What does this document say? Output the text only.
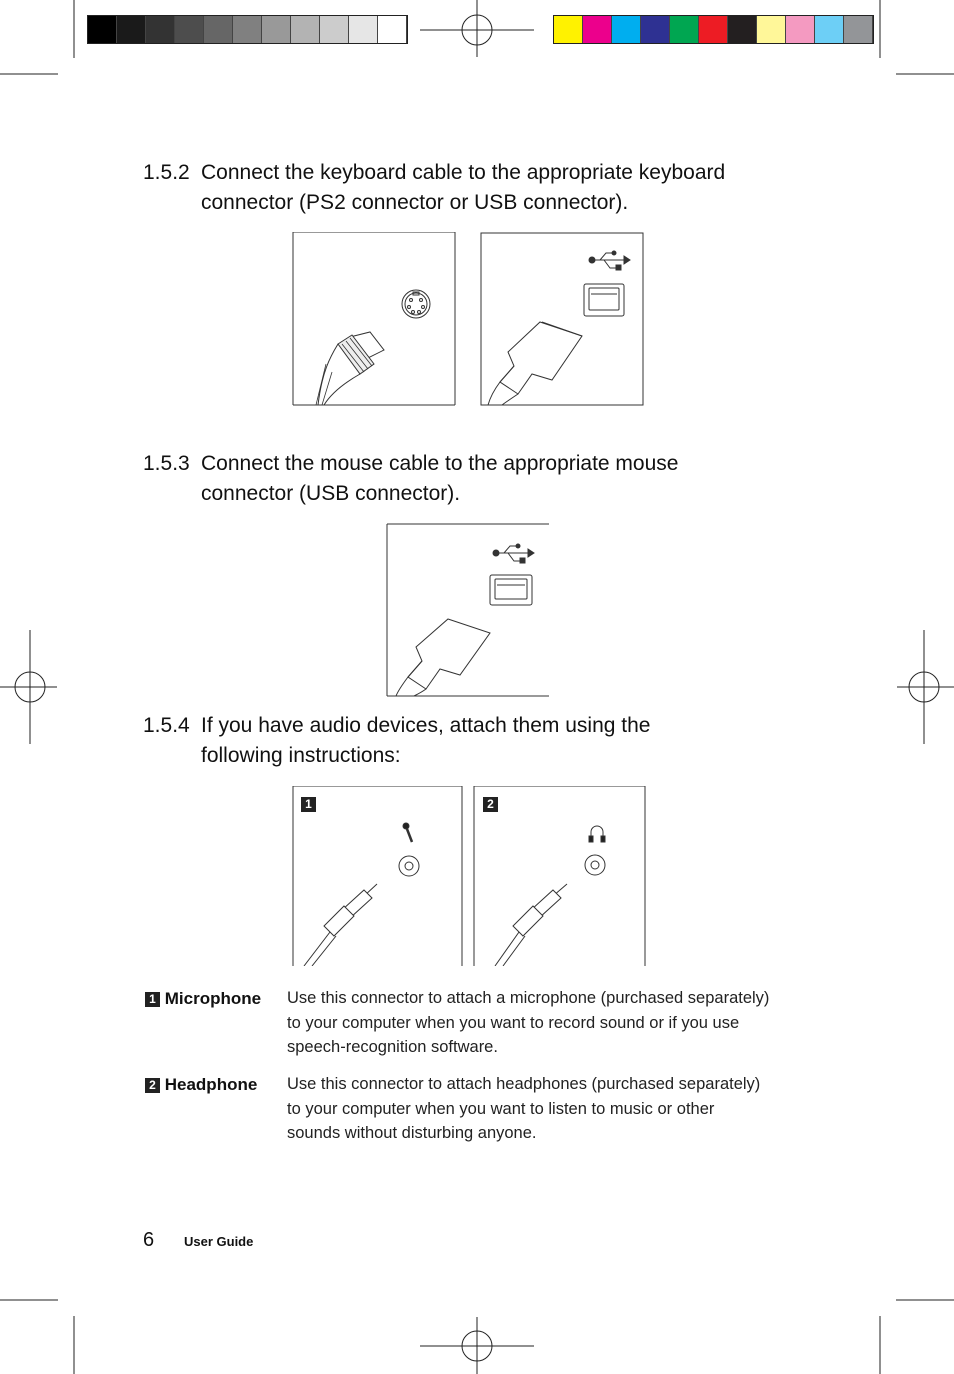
1.5.2 Connect the keyboard cable to the appropriate keyboard
connector (PS2 connector or USB connector).
1.5.3 Connect the mouse cable to the appropriate mouse
connector (USB connector).
1.5.4 If you have audio devices, attach them using the
following instructions:
1	2
1 Microphone Use this connector to attach a microphone (purchased separately)
to your computer when you want to record sound or if you use
speech-recognition software.
2 Headphone Use this connector to attach headphones (purchased separately)
to your computer when you want to listen to music or other
sounds without disturbing anyone.
6 User Guide
